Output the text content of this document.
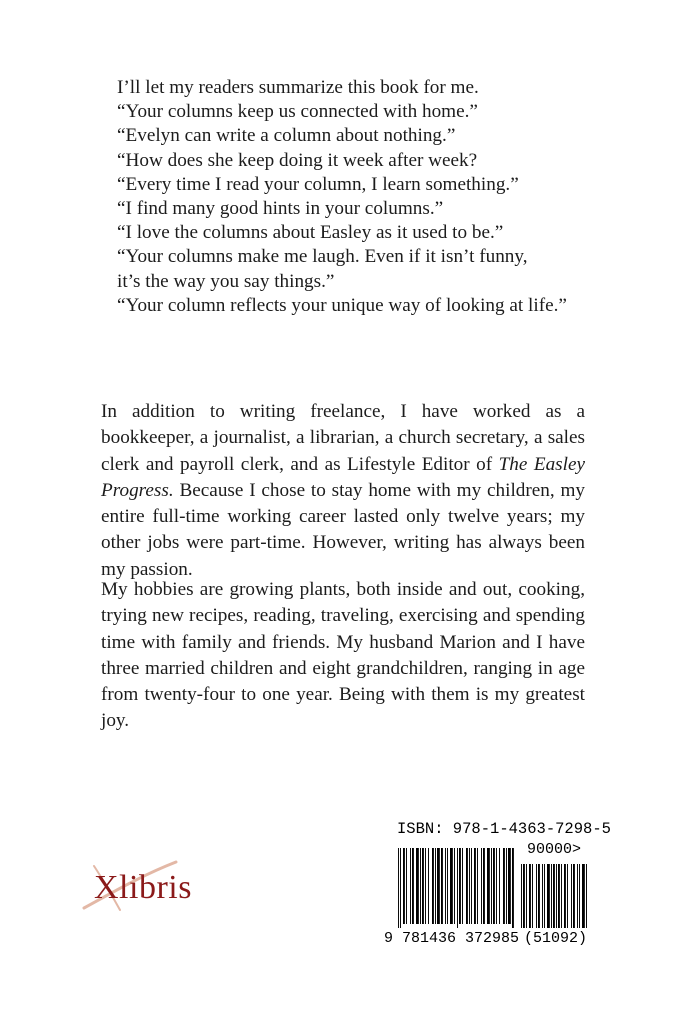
I’ll let my readers summarize this book for me.
“Your columns keep us connected with home.”
“Evelyn can write a column about nothing.”
“How does she keep doing it week after week?
“Every time I read your column, I learn something.”
“I find many good hints in your columns.”
“I love the columns about Easley as it used to be.”
“Your columns make me laugh. Even if it isn’t funny,
it’s the way you say things.”
“Your column reflects your unique way of looking at life.”

In addition to writing freelance, I have worked as a bookkeeper, a journalist, a librarian, a church secretary, a sales clerk and payroll clerk, and as Lifestyle Editor of The Easley Progress. Because I chose to stay home with my children, my entire full-time working career lasted only twelve years; my other jobs were part-time. However, writing has always been my passion.

My hobbies are growing plants, both inside and out, cooking, trying new recipes, reading, traveling, exercising and spending time with family and friends. My husband Marion and I have three married children and eight grandchildren, ranging in age from twenty-four to one year. Being with them is my greatest joy.

Xlibris
ISBN: 978-1-4363-7298-5
90000>
9 781436 372985 (51092)
